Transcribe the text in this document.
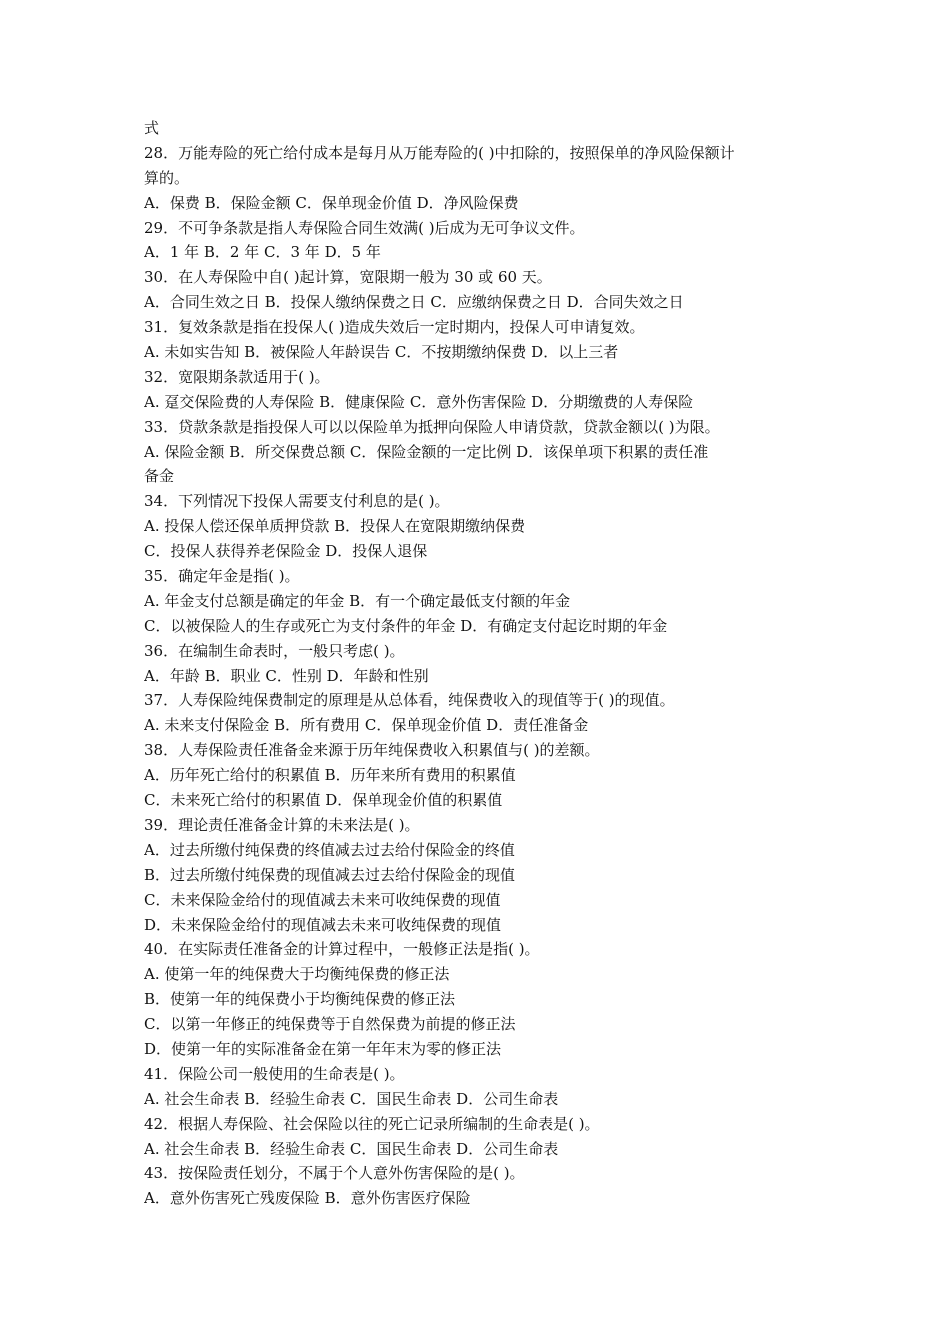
式
28．万能寿险的死亡给付成本是每月从万能寿险的( )中扣除的，按照保单的净风险保额计
算的。
A．保费 B．保险金额 C．保单现金价值 D．净风险保费
29．不可争条款是指人寿保险合同生效满( )后成为无可争议文件。
A．1 年 B．2 年 C．3 年 D．5 年
30．在人寿保险中自( )起计算，宽限期一般为 30 或 60 天。
A．合同生效之日 B．投保人缴纳保费之日 C．应缴纳保费之日 D．合同失效之日
31．复效条款是指在投保人( )造成失效后一定时期内，投保人可申请复效。
A. 未如实告知 B．被保险人年龄误告 C．不按期缴纳保费 D．以上三者
32．宽限期条款适用于( )。
A. 趸交保险费的人寿保险 B．健康保险 C．意外伤害保险 D．分期缴费的人寿保险
33．贷款条款是指投保人可以以保险单为抵押向保险人申请贷款，贷款金额以( )为限。
A. 保险金额 B．所交保费总额 C．保险金额的一定比例 D．该保单项下积累的责任准
备金
34．下列情况下投保人需要支付利息的是( )。
A. 投保人偿还保单质押贷款 B．投保人在宽限期缴纳保费
C．投保人获得养老保险金 D．投保人退保
35．确定年金是指( )。
A. 年金支付总额是确定的年金 B．有一个确定最低支付额的年金
C．以被保险人的生存或死亡为支付条件的年金 D．有确定支付起讫时期的年金
36．在编制生命表时，一般只考虑( )。
A．年龄 B．职业 C．性别 D．年龄和性别
37．人寿保险纯保费制定的原理是从总体看，纯保费收入的现值等于( )的现值。
A. 未来支付保险金 B．所有费用 C．保单现金价值 D．责任准备金
38．人寿保险责任准备金来源于历年纯保费收入积累值与( )的差额。
A．历年死亡给付的积累值 B．历年来所有费用的积累值
C．未来死亡给付的积累值 D．保单现金价值的积累值
39．理论责任准备金计算的未来法是( )。
A．过去所缴付纯保费的终值减去过去给付保险金的终值
B．过去所缴付纯保费的现值减去过去给付保险金的现值
C．未来保险金给付的现值减去未来可收纯保费的现值
D．未来保险金给付的现值减去未来可收纯保费的现值
40．在实际责任准备金的计算过程中，一般修正法是指( )。
A. 使第一年的纯保费大于均衡纯保费的修正法
B．使第一年的纯保费小于均衡纯保费的修正法
C．以第一年修正的纯保费等于自然保费为前提的修正法
D．使第一年的实际准备金在第一年年末为零的修正法
41．保险公司一般使用的生命表是( )。
A. 社会生命表 B．经验生命表 C．国民生命表 D．公司生命表
42．根据人寿保险、社会保险以往的死亡记录所编制的生命表是( )。
A. 社会生命表 B．经验生命表 C．国民生命表 D．公司生命表
43．按保险责任划分，不属于个人意外伤害保险的是( )。
A．意外伤害死亡残废保险 B．意外伤害医疗保险
